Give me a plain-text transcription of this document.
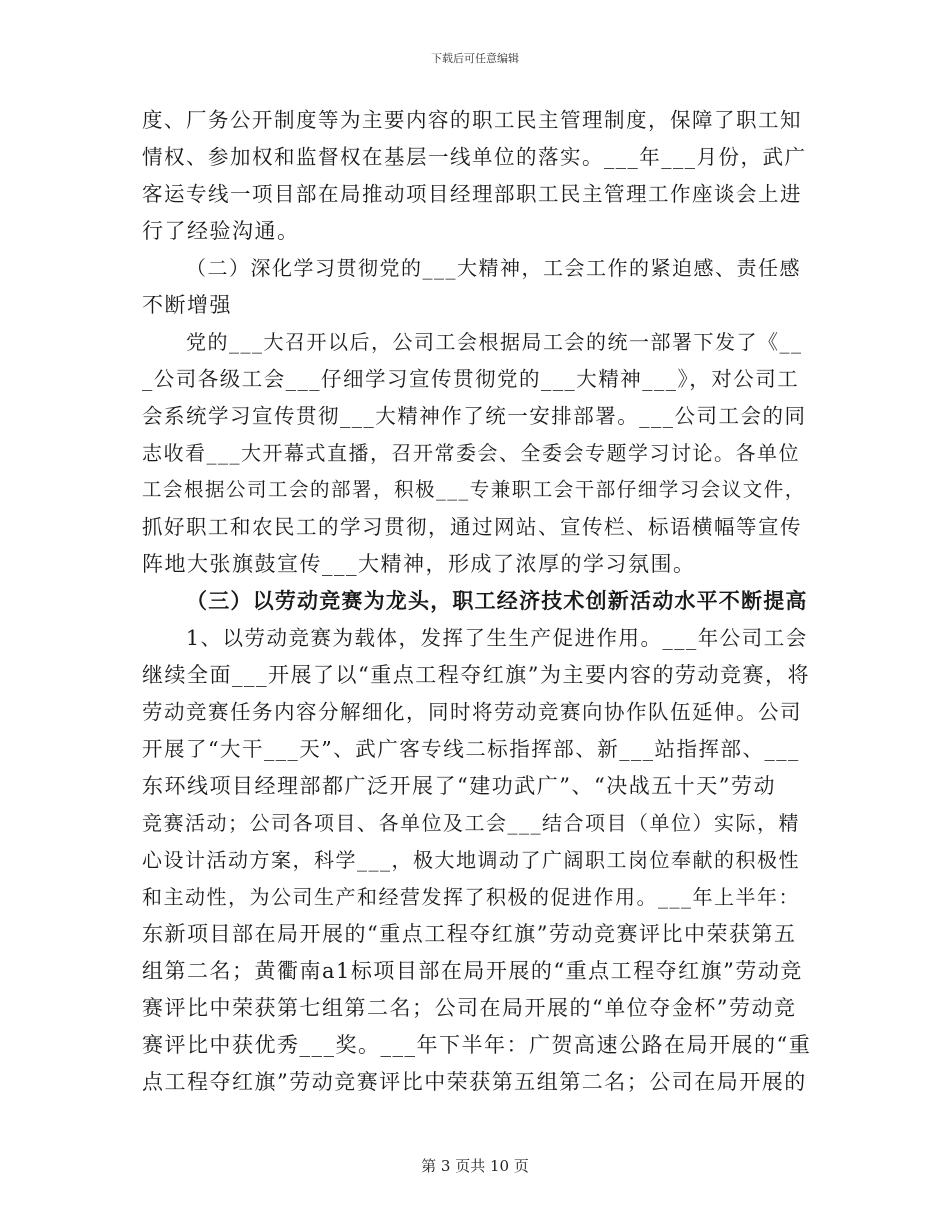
下载后可任意编辑
度、厂务公开制度等为主要内容的职工民主管理制度，保障了职工知
情权、参加权和监督权在基层一线单位的落实。___年___月份，武广
客运专线一项目部在局推动项目经理部职工民主管理工作座谈会上进
行了经验沟通。
（二）深化学习贯彻党的___大精神，工会工作的紧迫感、责任感
不断增强
党的___大召开以后，公司工会根据局工会的统一部署下发了《__
_公司各级工会___仔细学习宣传贯彻党的___大精神___》，对公司工
会系统学习宣传贯彻___大精神作了统一安排部署。___公司工会的同
志收看___大开幕式直播，召开常委会、全委会专题学习讨论。各单位
工会根据公司工会的部署，积极___专兼职工会干部仔细学习会议文件，
抓好职工和农民工的学习贯彻，通过网站、宣传栏、标语横幅等宣传
阵地大张旗鼓宣传___大精神，形成了浓厚的学习氛围。
（三）以劳动竞赛为龙头，职工经济技术创新活动水平不断提高
1、以劳动竞赛为载体，发挥了生生产促进作用。___年公司工会
继续全面___开展了以“重点工程夺红旗”为主要内容的劳动竞赛，将
劳动竞赛任务内容分解细化，同时将劳动竞赛向协作队伍延伸。公司
开展了“大干___天”、武广客专线二标指挥部、新___站指挥部、___
东环线项目经理部都广泛开展了“建功武广”、“决战五十天”劳动
竞赛活动；公司各项目、各单位及工会___结合项目（单位）实际，精
心设计活动方案，科学___，极大地调动了广阔职工岗位奉献的积极性
和主动性，为公司生产和经营发挥了积极的促进作用。___年上半年：
东新项目部在局开展的“重点工程夺红旗”劳动竞赛评比中荣获第五
组第二名；黄衢南a1标项目部在局开展的“重点工程夺红旗”劳动竞
赛评比中荣获第七组第二名；公司在局开展的“单位夺金杯”劳动竞
赛评比中获优秀___奖。___年下半年：广贺高速公路在局开展的“重
点工程夺红旗”劳动竞赛评比中荣获第五组第二名；公司在局开展的
第 3 页共 10 页
